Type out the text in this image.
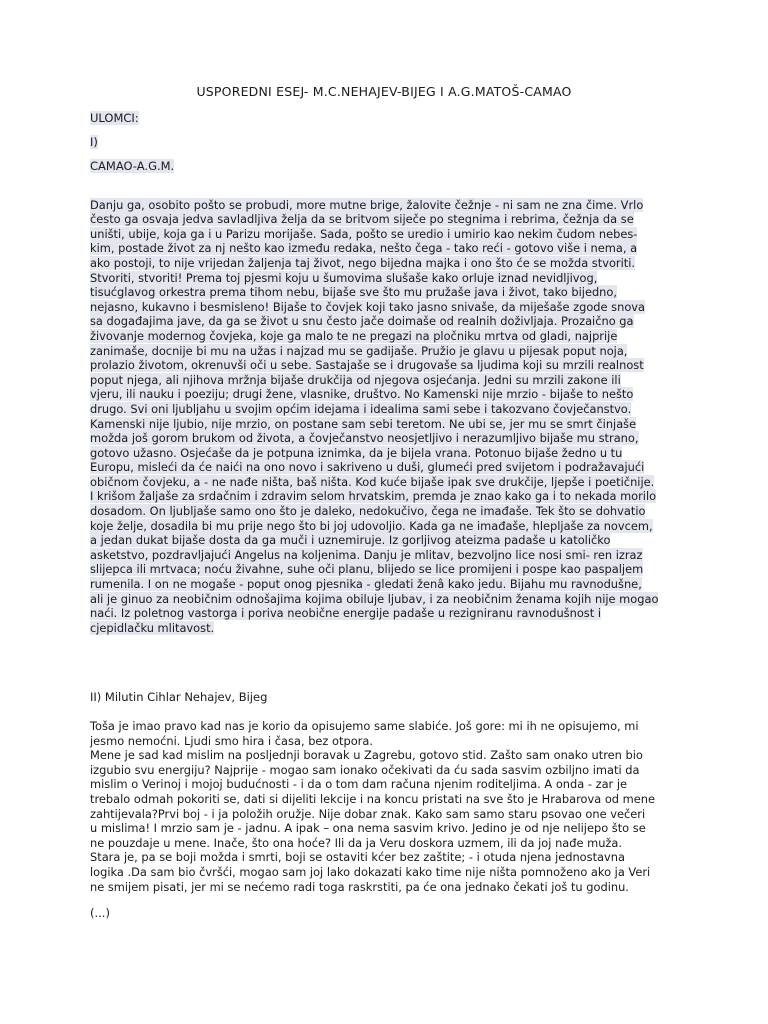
USPOREDNI ESEJ- M.C.NEHAJEV-BIJEG I A.G.MATOŠ-CAMAO
ULOMCI:
I)
CAMAO-A.G.M.

Danju ga, osobito pošto se probudi, more mutne brige, žalovite čežnje - ni sam ne zna čime. Vrlo
često ga osvaja jedva savladljiva želja da se britvom siječe po stegnima i rebrima, čežnja da se
uništi, ubije, koja ga i u Parizu morijaše. Sada, pošto se uredio i umirio kao nekim čudom nebes-
kim, postade život za nj nešto kao između redaka, nešto čega - tako reći - gotovo više i nema, a
ako postoji, to nije vrijedan žaljenja taj život, nego bijedna majka i ono što će se možda stvoriti.
Stvoriti, stvoriti! Prema toj pjesmi koju u šumovima slušaše kako orluje iznad nevidljivog,
tisućglavog orkestra prema tihom nebu, bijaše sve što mu pružaše java i život, tako bijedno,
nejasno, kukavno i besmisleno! Bijaše to čovjek koji tako jasno snivaše, da miješaše zgode snova
sa događajima jave, da ga se život u snu često jače doimaše od realnih doživljaja. Prozaično ga
živovanje modernog čovjeka, koje ga malo te ne pregazi na pločniku mrtva od gladi, najprije
zanimaše, docnije bi mu na užas i najzad mu se gadijaše. Pružio je glavu u pijesak poput noja,
prolazio životom, okrenuvši oči u sebe. Sastajaše se i drugovaše sa ljudima koji su mrzili realnost
poput njega, ali njihova mržnja bijaše drukčija od njegova osjećanja. Jedni su mrzili zakone ili
vjeru, ili nauku i poeziju; drugi žene, vlasnike, društvo. No Kamenski nije mrzio - bijaše to nešto
drugo. Svi oni ljubljahu u svojim općim idejama i idealima sami sebe i takozvano čovječanstvo.
Kamenski nije ljubio, nije mrzio, on postane sam sebi teretom. Ne ubi se, jer mu se smrt činjaše
možda još gorom brukom od života, a čovječanstvo neosjetljivo i nerazumljivo bijaše mu strano,
gotovo užasno. Osjećaše da je potpuna iznimka, da je bijela vrana. Potonuo bijaše žedno u tu
Europu, misleći da će naići na ono novo i sakriveno u duši, glumeći pred svijetom i podražavajući
običnom čovjeku, a - ne nađe ništa, baš ništa. Kod kuće bijaše ipak sve drukčije, ljepše i poetičnije.
I krišom žaljaše za srdačnim i zdravim selom hrvatskim, premda je znao kako ga i to nekada morilo
dosadom. On ljubljaše samo ono što je daleko, nedokučivo, čega ne imađaše. Tek što se dohvatio
koje želje, dosadila bi mu prije nego što bi joj udovoljio. Kada ga ne imađaše, hlepljaše za novcem,
a jedan dukat bijaše dosta da ga muči i uznemiruje. Iz gorljivog ateizma padaše u katoličko
asketstvo, pozdravljajući Angelus na koljenima. Danju je mlitav, bezvoljno lice nosi smi- ren izraz
slijepca ili mrtvaca; noću živahne, suhe oči planu, blijedo se lice promijeni i pospe kao paspaljem
rumenila. I on ne mogaše - poput onog pjesnika - gledati ženâ kako jedu. Bijahu mu ravnodušne,
ali je ginuo za neobičnim odnošajima kojima obiluje ljubav, i za neobičnim ženama kojih nije mogao
naći. Iz poletnog vastorga i poriva neobične energije padaše u rezigniranu ravnodušnost i
cjepidlačku mlitavost.

II) Milutin Cihlar Nehajev, Bijeg
Toša je imao pravo kad nas je korio da opisujemo same slabiće. Još gore: mi ih ne opisujemo, mi
jesmo nemoćni. Ljudi smo hira i časa, bez otpora.
Mene je sad kad mislim na posljednji boravak u Zagrebu, gotovo stid. Zašto sam onako utren bio
izgubio svu energiju? Najprije - mogao sam ionako očekivati da ću sada sasvim ozbiljno imati da
mislim o Verinoj i mojoj budućnosti - i da o tom dam računa njenim roditeljima. A onda - zar je
trebalo odmah pokoriti se, dati si dijeliti lekcije i na koncu pristati na sve što je Hrabarova od mene
zahtijevala?Prvi boj - i ja položih oružje. Nije dobar znak. Kako sam samo staru psovao one večeri
u mislima! I mrzio sam je - jadnu. A ipak – ona nema sasvim krivo. Jedino je od nje nelijepo što se
ne pouzdaje u mene. Inače, što ona hoće? Ili da ja Veru doskora uzmem, ili da joj nađe muža.
Stara je, pa se boji možda i smrti, boji se ostaviti kćer bez zaštite; - i otuda njena jednostavna
logika .Da sam bio čvršći, mogao sam joj lako dokazati kako time nije ništa pomnoženo ako ja Veri
ne smijem pisati, jer mi se nećemo radi toga raskrstiti, pa će ona jednako čekati još tu godinu.
(...)
